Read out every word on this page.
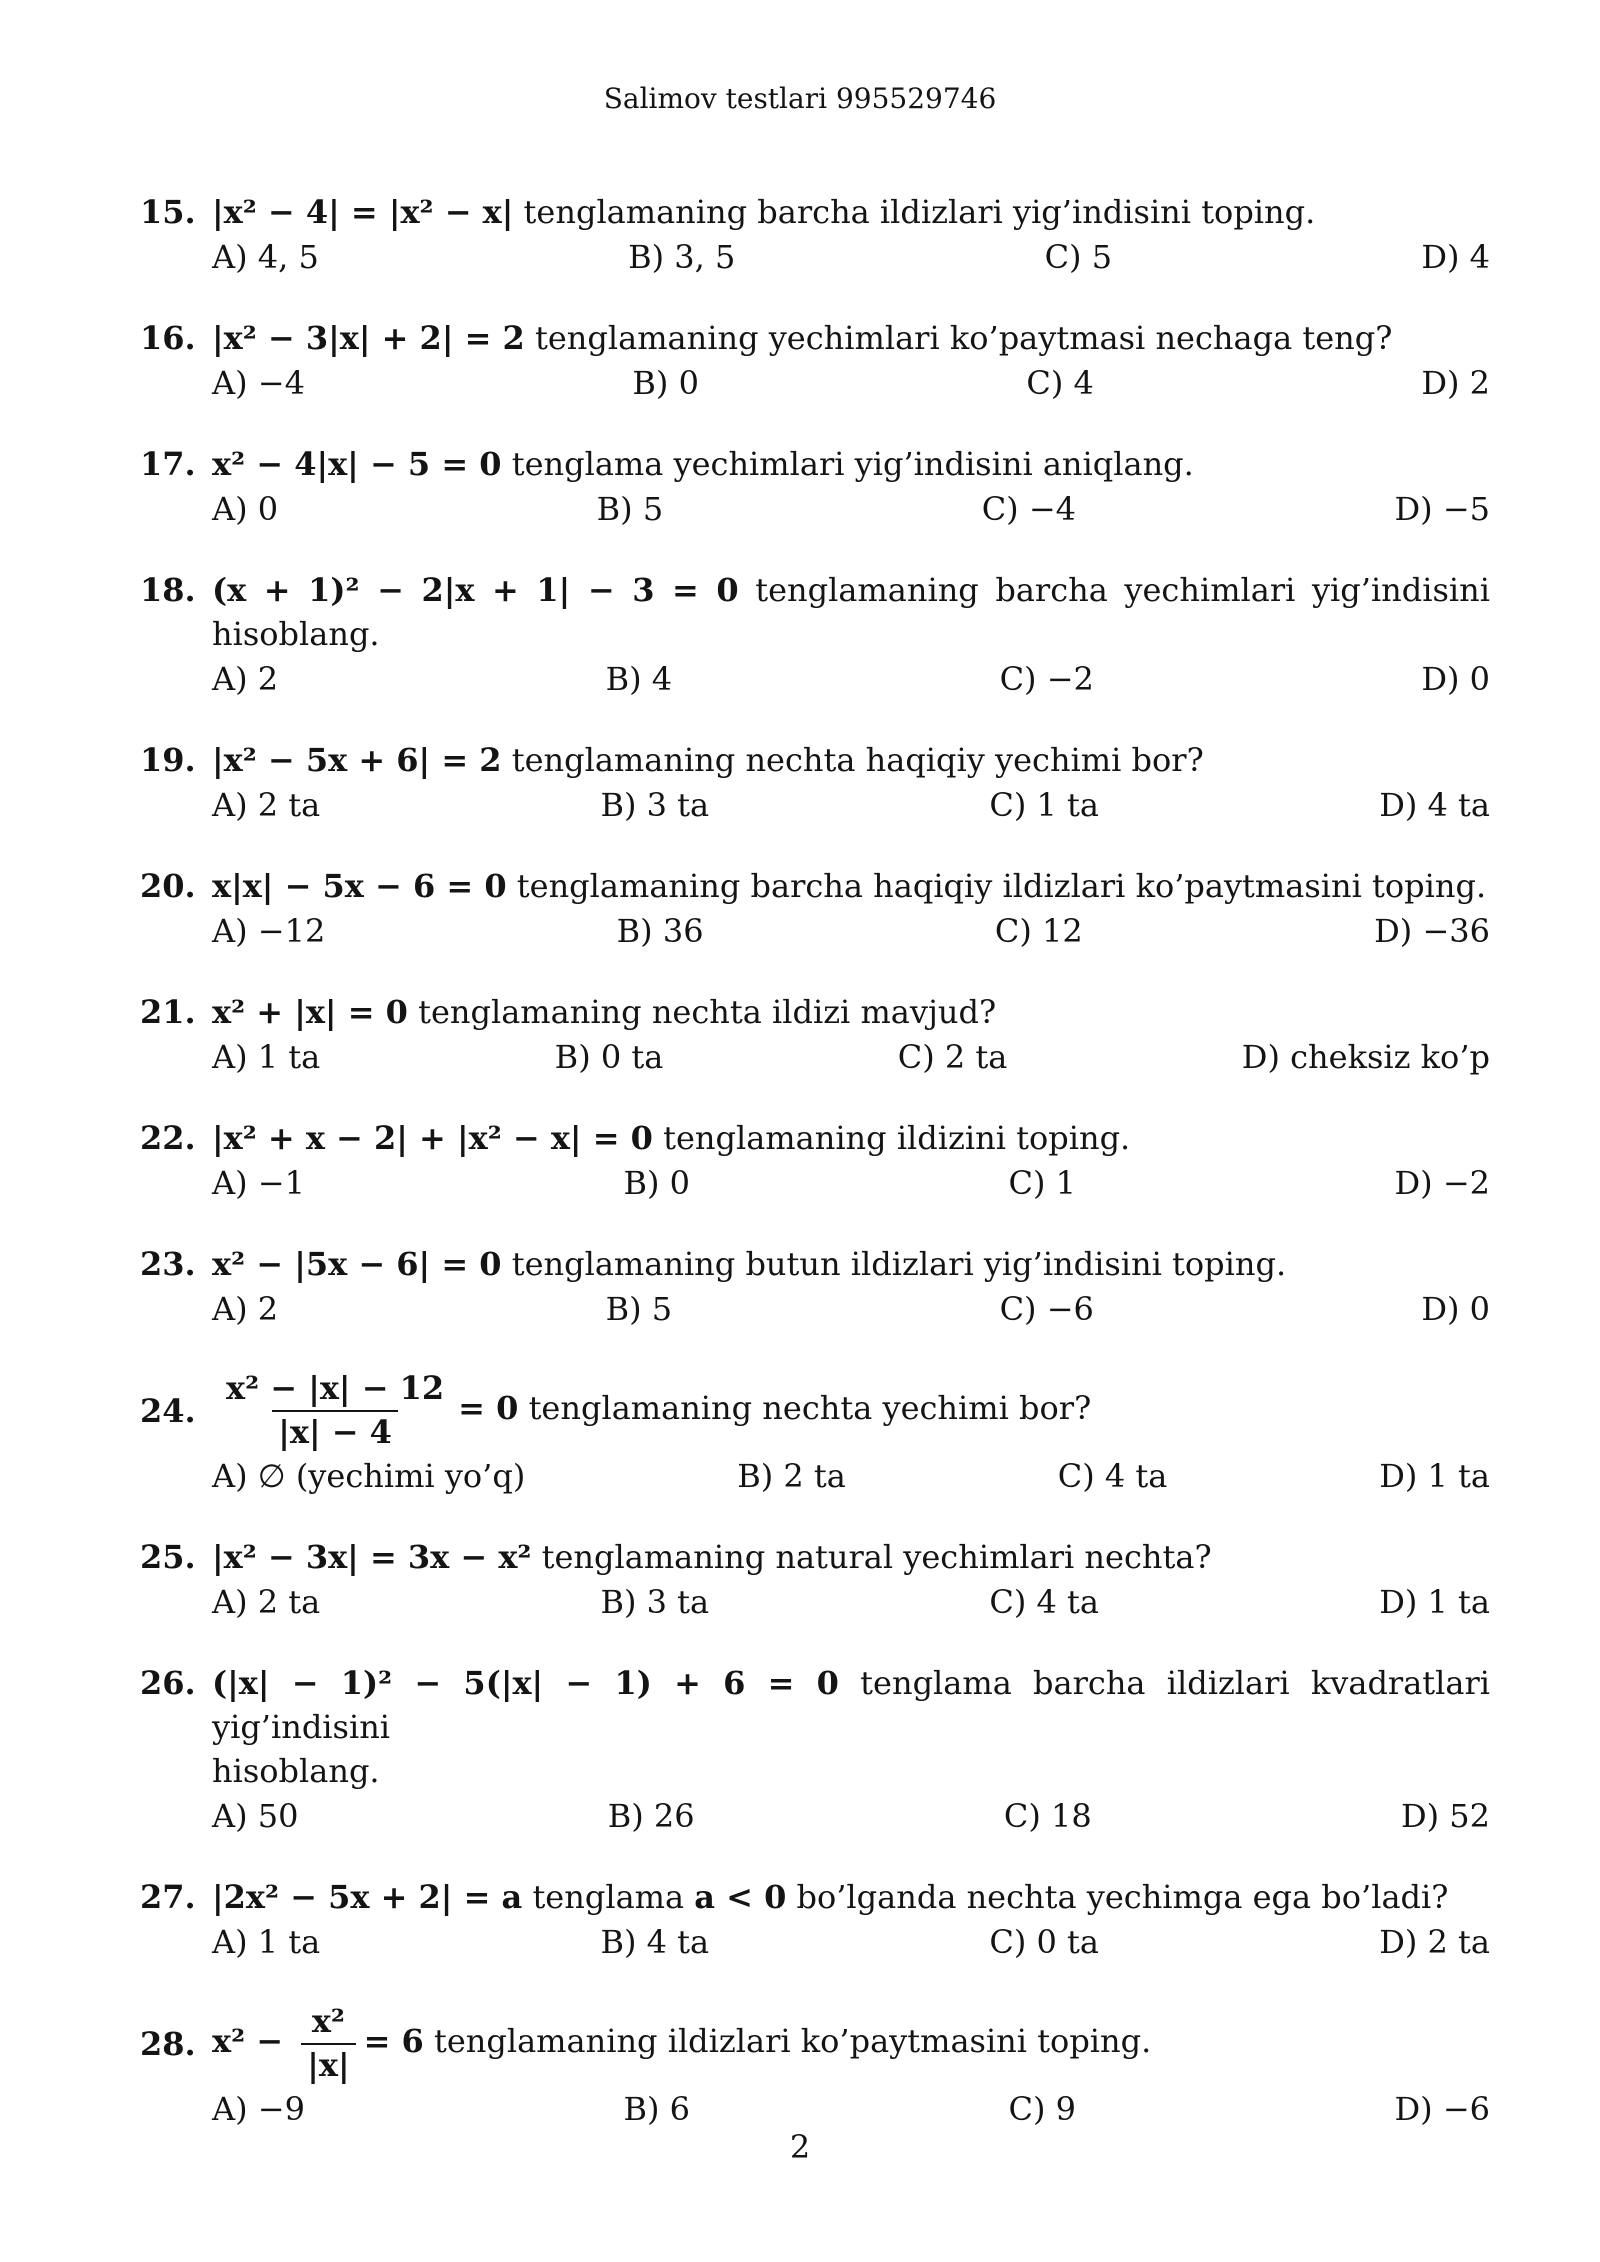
Salimov testlari 995529746
15. |x² − 4| = |x² − x| tenglamaning barcha ildizlari yig’indisini toping.
A) 4, 5	B) 3, 5	C) 5	D) 4
16. |x² − 3|x| + 2| = 2 tenglamaning yechimlari ko’paytmasi nechaga teng?
A) −4	B) 0	C) 4	D) 2
17. x² − 4|x| − 5 = 0 tenglama yechimlari yig’indisini aniqlang.
A) 0	B) 5	C) −4	D) −5
18. (x + 1)² − 2|x + 1| − 3 = 0 tenglamaning barcha yechimlari yig’indisini
hisoblang.
A) 2	B) 4	C) −2	D) 0
19. |x² − 5x + 6| = 2 tenglamaning nechta haqiqiy yechimi bor?
A) 2 ta	B) 3 ta	C) 1 ta	D) 4 ta
20. x|x| − 5x − 6 = 0 tenglamaning barcha haqiqiy ildizlari ko’paytmasini toping.
A) −12	B) 36	C) 12	D) −36
21. x² + |x| = 0 tenglamaning nechta ildizi mavjud?
A) 1 ta	B) 0 ta	C) 2 ta	D) cheksiz ko’p
22. |x² + x − 2| + |x² − x| = 0 tenglamaning ildizini toping.
A) −1	B) 0	C) 1	D) −2
23. x² − |5x − 6| = 0 tenglamaning butun ildizlari yig’indisini toping.
A) 2	B) 5	C) −6	D) 0
24. $\frac{\text{x² − |x| − 12}}{|x| - 4} = 0$ tenglamaning nechta yechimi bor?
A) ∅ (yechimi yo’q)	B) 2 ta	C) 4 ta	D) 1 ta
25. |x² − 3x| = 3x − x² tenglamaning natural yechimlari nechta?
A) 2 ta	B) 3 ta	C) 4 ta	D) 1 ta
26. (|x| − 1)² − 5(|x| − 1) + 6 = 0 tenglama barcha ildizlari kvadratlari yig’indisini
hisoblang.
A) 50	B) 26	C) 18	D) 52
27. |2x² − 5x + 2| = a tenglama a < 0 bo’lganda nechta yechimga ega bo’ladi?
A) 1 ta	B) 4 ta	C) 0 ta	D) 2 ta
28. $x^2 - \frac{\text{x²}}{|x|} = 6$ tenglamaning ildizlari ko’paytmasini toping.
A) −9	B) 6	C) 9	D) −6
2
